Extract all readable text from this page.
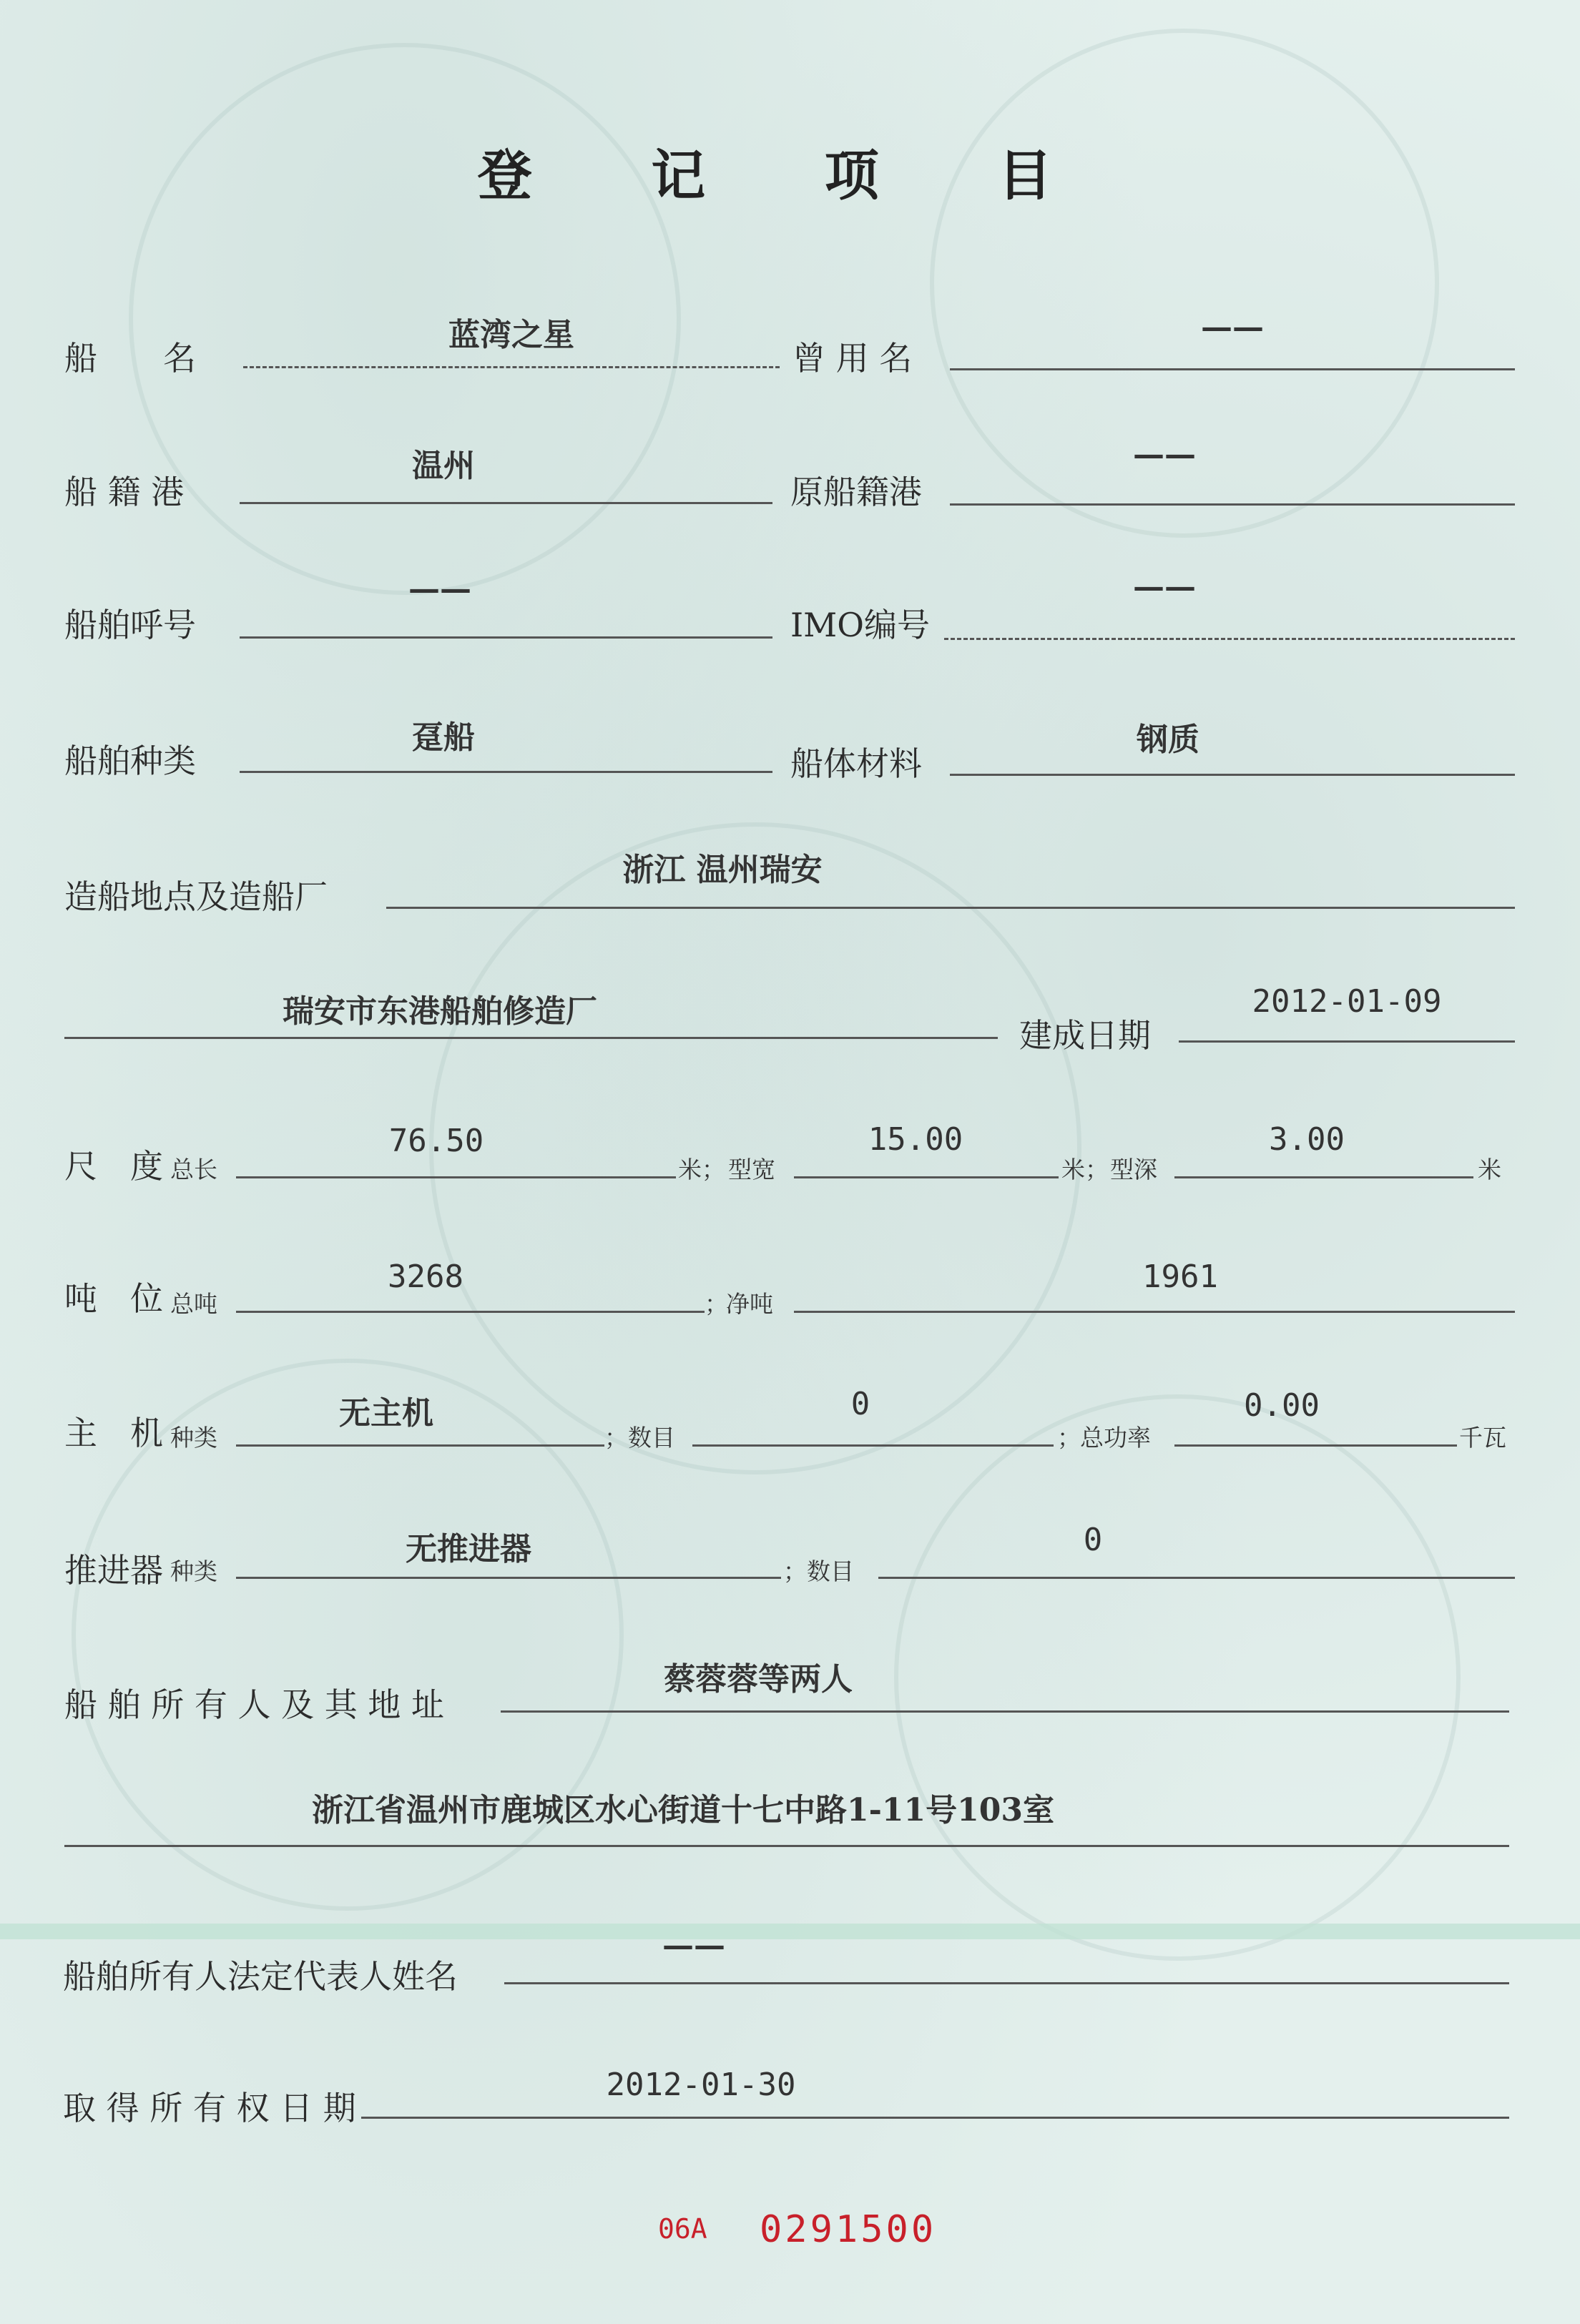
登 记 项 目
船　　名
蓝湾之星
曾 用 名
——
船 籍 港
温州
原船籍港
——
船舶呼号
——
IMO编号
——
船舶种类
趸船
船体材料
钢质
造船地点及造船厂
浙江 温州瑞安
瑞安市东港船舶修造厂
建成日期
2012-01-09
尺　度 总长
76.50
米； 型宽
15.00
米； 型深
3.00
米
吨　位 总吨
3268
；
净吨
1961
主　机 种类
无主机
； 数目
0
； 总功率
0.00
千瓦
推进器 种类
无推进器
； 数目
0
船 舶 所 有 人 及 其 地 址
蔡蓉蓉等两人
浙江省温州市鹿城区水心街道十七中路1-11号103室
船舶所有人法定代表人姓名
——
取 得 所 有 权 日 期
2012-01-30
06A 0291500
